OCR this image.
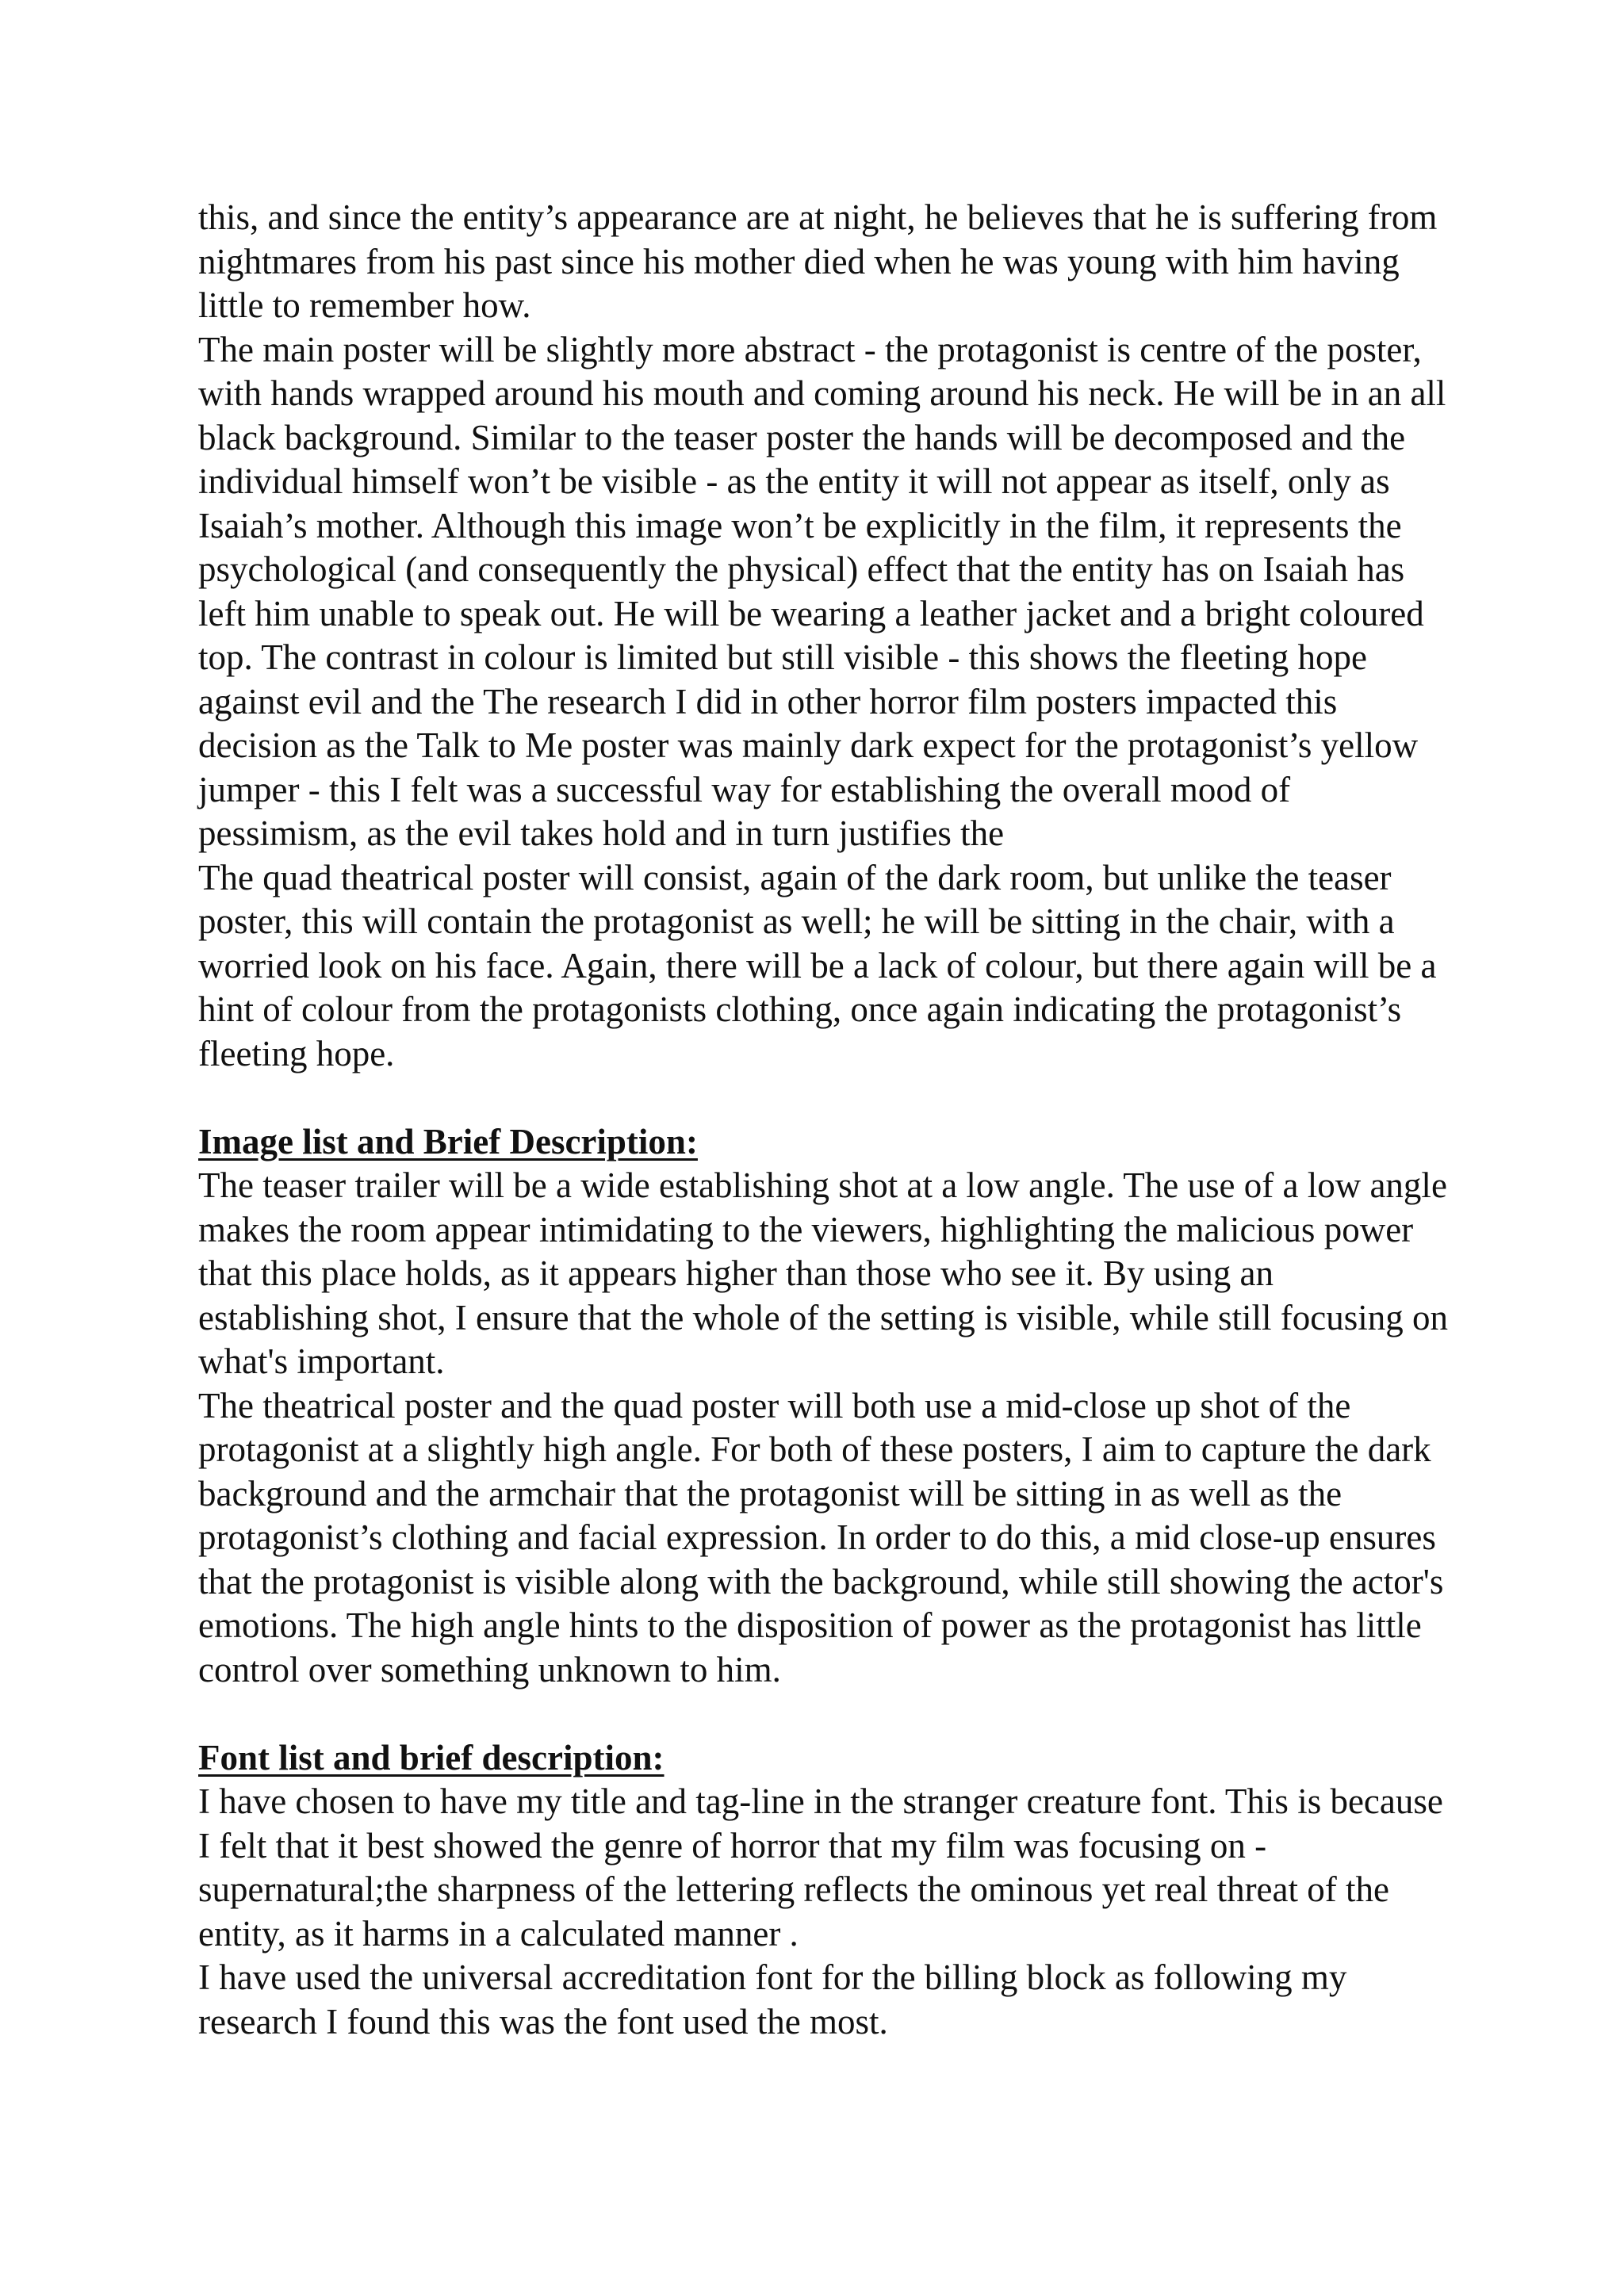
this, and since the entity’s appearance are at night, he believes that he is suffering from nightmares from his past since his mother died when he was young with him having little to remember how.

The main poster will be slightly more abstract - the protagonist is centre of the poster, with hands wrapped around his mouth and coming around his neck. He will be in an all black background. Similar to the teaser poster the hands will be decomposed and the individual himself won’t be visible - as the entity it will not appear as itself, only as Isaiah’s mother. Although this image won’t be explicitly in the film, it represents the psychological (and consequently the physical) effect that the entity has on Isaiah has left him unable to speak out. He will be wearing a leather jacket and a bright coloured top. The contrast in colour is limited but still visible - this shows the fleeting hope against evil and the The research I did in other horror film posters impacted this decision as the Talk to Me poster was mainly dark expect for the protagonist’s yellow jumper - this I felt was a successful way for establishing the overall mood of pessimism, as the evil takes hold and in turn justifies the

The quad theatrical poster will consist, again of the dark room, but unlike the teaser poster, this will contain the protagonist as well; he will be sitting in the chair, with a worried look on his face. Again, there will be a lack of colour, but there again will be a hint of colour from the protagonists clothing, once again indicating the protagonist’s fleeting hope.

Image list and Brief Description:

The teaser trailer will be a wide establishing shot at a low angle. The use of a low angle makes the room appear intimidating to the viewers, highlighting the malicious power that this place holds, as it appears higher than those who see it. By using an establishing shot, I ensure that the whole of the setting is visible, while still focusing on what's important.

The theatrical poster and the quad poster will both use a mid-close up shot of the protagonist at a slightly high angle. For both of these posters, I aim to capture the dark background and the armchair that the protagonist will be sitting in as well as the protagonist’s clothing and facial expression. In order to do this, a mid close-up ensures that the protagonist is visible along with the background, while still showing the actor's emotions. The high angle hints to the disposition of power as the protagonist has little control over something unknown to him.

Font list and brief description:

I have chosen to have my title and tag-line in the stranger creature font. This is because I felt that it best showed the genre of horror that my film was focusing on - supernatural;the sharpness of the lettering reflects the ominous yet real threat of the entity, as it harms in a calculated manner .

I have used the universal accreditation font for the billing block as following my research I found this was the font used the most.
